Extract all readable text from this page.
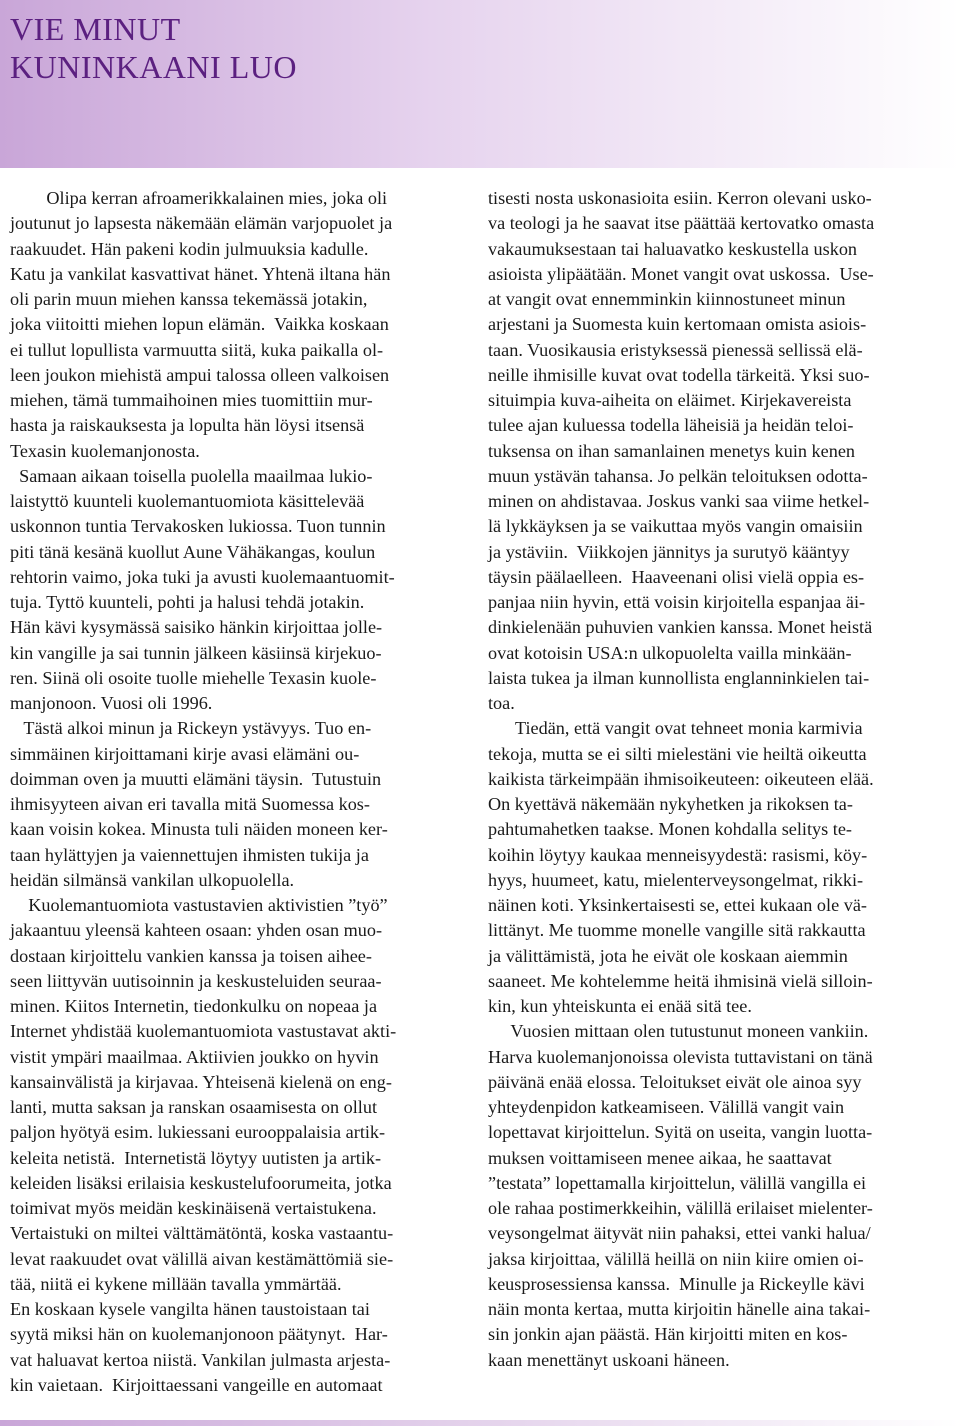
VIE MINUT
KUNINKAANI LUO
Olipa kerran afroamerikkalainen mies, joka oli
joutunut jo lapsesta näkemään elämän varjopuolet ja
raakuudet. Hän pakeni kodin julmuuksia kadulle.
Katu ja vankilat kasvattivat hänet. Yhtenä iltana hän
oli parin muun miehen kanssa tekemässä jotakin,
joka viitoitti miehen lopun elämän.  Vaikka koskaan
ei tullut lopullista varmuutta siitä, kuka paikalla ol-
leen joukon miehistä ampui talossa olleen valkoisen
miehen, tämä tummaihoinen mies tuomittiin mur-
hasta ja raiskauksesta ja lopulta hän löysi itsensä
Texasin kuolemanjonosta.
Samaan aikaan toisella puolella maailmaa lukio-
laistyttö kuunteli kuolemantuomiota käsittelevää
uskonnon tuntia Tervakosken lukiossa. Tuon tunnin
piti tänä kesänä kuollut Aune Vähäkangas, koulun
rehtorin vaimo, joka tuki ja avusti kuolemaantuomit-
tuja. Tyttö kuunteli, pohti ja halusi tehdä jotakin.
Hän kävi kysymässä saisiko hänkin kirjoittaa jolle-
kin vangille ja sai tunnin jälkeen käsiinsä kirjekuo-
ren. Siinä oli osoite tuolle miehelle Texasin kuole-
manjonoon. Vuosi oli 1996.
Tästä alkoi minun ja Rickeyn ystävyys. Tuo en-
simmäinen kirjoittamani kirje avasi elämäni ou-
doimman oven ja muutti elämäni täysin.  Tutustuin
ihmisyyteen aivan eri tavalla mitä Suomessa kos-
kaan voisin kokea. Minusta tuli näiden moneen ker-
taan hylättyjen ja vaiennettujen ihmisten tukija ja
heidän silmänsä vankilan ulkopuolella.
Kuolemantuomiota vastustavien aktivistien ”työ”
jakaantuu yleensä kahteen osaan: yhden osan muo-
dostaan kirjoittelu vankien kanssa ja toisen aihee-
seen liittyvän uutisoinnin ja keskusteluiden seuraa-
minen. Kiitos Internetin, tiedonkulku on nopeaa ja
Internet yhdistää kuolemantuomiota vastustavat akti-
vistit ympäri maailmaa. Aktiivien joukko on hyvin
kansainvälistä ja kirjavaa. Yhteisenä kielenä on eng-
lanti, mutta saksan ja ranskan osaamisesta on ollut
paljon hyötyä esim. lukiessani eurooppalaisia artik-
keleita netistä.  Internetistä löytyy uutisten ja artik-
keleiden lisäksi erilaisia keskustelufoorumeita, jotka
toimivat myös meidän keskinäisenä vertaistukena.
Vertaistuki on miltei välttämätöntä, koska vastaantu-
levat raakuudet ovat välillä aivan kestämättömiä sie-
tää, niitä ei kykene millään tavalla ymmärtää.
En koskaan kysele vangilta hänen taustoistaan tai
syytä miksi hän on kuolemanjonoon päätynyt.  Har-
vat haluavat kertoa niistä. Vankilan julmasta arjesta-
kin vaietaan.  Kirjoittaessani vangeille en automaat
tisesti nosta uskonasioita esiin. Kerron olevani usko-
va teologi ja he saavat itse päättää kertovatko omasta
vakaumuksestaan tai haluavatko keskustella uskon
asioista ylipäätään. Monet vangit ovat uskossa.  Use-
at vangit ovat ennemminkin kiinnostuneet minun
arjestani ja Suomesta kuin kertomaan omista asiois-
taan. Vuosikausia eristyksessä pienessä sellissä elä-
neille ihmisille kuvat ovat todella tärkeitä. Yksi suo-
situimpia kuva-aiheita on eläimet. Kirjekavereista
tulee ajan kuluessa todella läheisiä ja heidän teloi-
tuksensa on ihan samanlainen menetys kuin kenen
muun ystävän tahansa. Jo pelkän teloituksen odotta-
minen on ahdistavaa. Joskus vanki saa viime hetkel-
lä lykkäyksen ja se vaikuttaa myös vangin omaisiin
ja ystäviin.  Viikkojen jännitys ja surutyö kääntyy
täysin päälaelleen.  Haaveenani olisi vielä oppia es-
panjaa niin hyvin, että voisin kirjoitella espanjaa äi-
dinkielenään puhuvien vankien kanssa. Monet heistä
ovat kotoisin USA:n ulkopuolelta vailla minkään-
laista tukea ja ilman kunnollista englanninkielen tai-
toa.
Tiedän, että vangit ovat tehneet monia karmivia
tekoja, mutta se ei silti mielestäni vie heiltä oikeutta
kaikista tärkeimpään ihmisoikeuteen: oikeuteen elää.
On kyettävä näkemään nykyhetken ja rikoksen ta-
pahtumahetken taakse. Monen kohdalla selitys te-
koihin löytyy kaukaa menneisyydestä: rasismi, köy-
hyys, huumeet, katu, mielenterveysongelmat, rikki-
näinen koti. Yksinkertaisesti se, ettei kukaan ole vä-
littänyt. Me tuomme monelle vangille sitä rakkautta
ja välittämistä, jota he eivät ole koskaan aiemmin
saaneet. Me kohtelemme heitä ihmisinä vielä silloin-
kin, kun yhteiskunta ei enää sitä tee.
Vuosien mittaan olen tutustunut moneen vankiin.
Harva kuolemanjonoissa olevista tuttavistani on tänä
päivänä enää elossa. Teloitukset eivät ole ainoa syy
yhteydenpidon katkeamiseen. Välillä vangit vain
lopettavat kirjoittelun. Syitä on useita, vangin luotta-
muksen voittamiseen menee aikaa, he saattavat
”testata” lopettamalla kirjoittelun, välillä vangilla ei
ole rahaa postimerkkeihin, välillä erilaiset mielenter-
veysongelmat äityvät niin pahaksi, ettei vanki halua/
jaksa kirjoittaa, välillä heillä on niin kiire omien oi-
keusprosessiensa kanssa.  Minulle ja Rickeylle kävi
näin monta kertaa, mutta kirjoitin hänelle aina takai-
sin jonkin ajan päästä. Hän kirjoitti miten en kos-
kaan menettänyt uskoani häneen.
